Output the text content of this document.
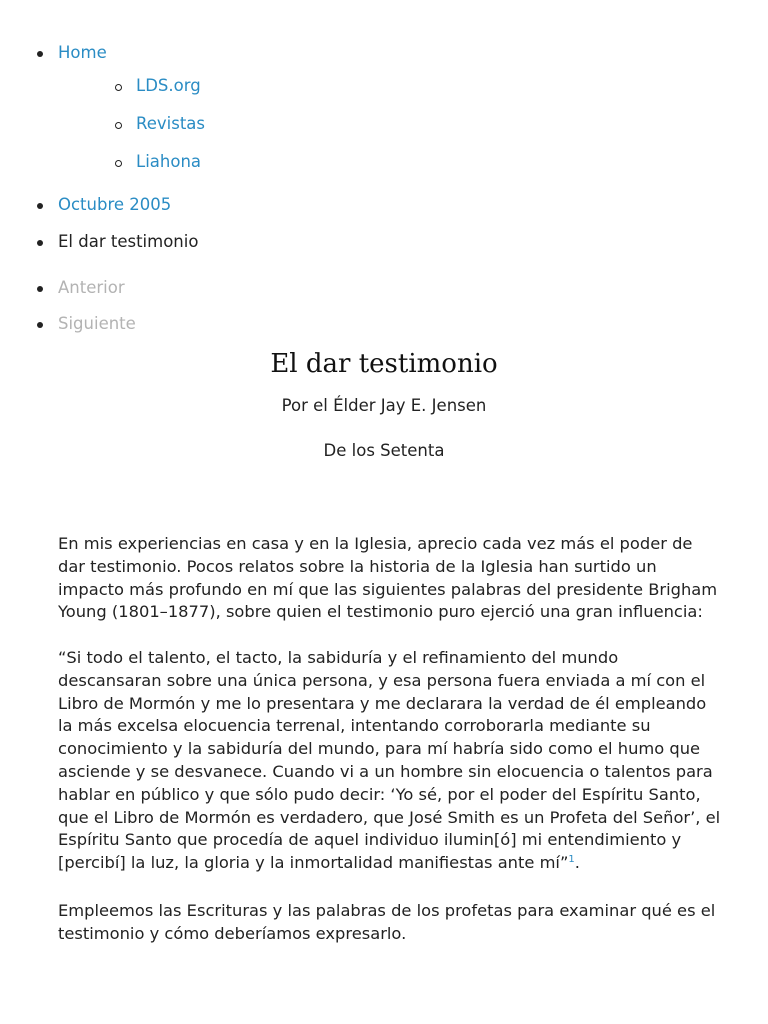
Home
LDS.org
Revistas
Liahona
Octubre 2005
El dar testimonio
Anterior
Siguiente
El dar testimonio

Por el Élder Jay E. Jensen

De los Setenta

En mis experiencias en casa y en la Iglesia, aprecio cada vez más el poder de dar testimonio. Pocos relatos sobre la historia de la Iglesia han surtido un impacto más profundo en mí que las siguientes palabras del presidente Brigham Young (1801–1877), sobre quien el testimonio puro ejerció una gran influencia:

“Si todo el talento, el tacto, la sabiduría y el refinamiento del mundo descansaran sobre una única persona, y esa persona fuera enviada a mí con el Libro de Mormón y me lo presentara y me declarara la verdad de él empleando la más excelsa elocuencia terrenal, intentando corroborarla mediante su conocimiento y la sabiduría del mundo, para mí habría sido como el humo que asciende y se desvanece. Cuando vi a un hombre sin elocuencia o talentos para hablar en público y que sólo pudo decir: ‘Yo sé, por el poder del Espíritu Santo, que el Libro de Mormón es verdadero, que José Smith es un Profeta del Señor’, el Espíritu Santo que procedía de aquel individuo ilumin[ó] mi entendimiento y [percibí] la luz, la gloria y la inmortalidad manifiestas ante mí”$^1$.

Empleemos las Escrituras y las palabras de los profetas para examinar qué es el testimonio y cómo deberíamos expresarlo.
